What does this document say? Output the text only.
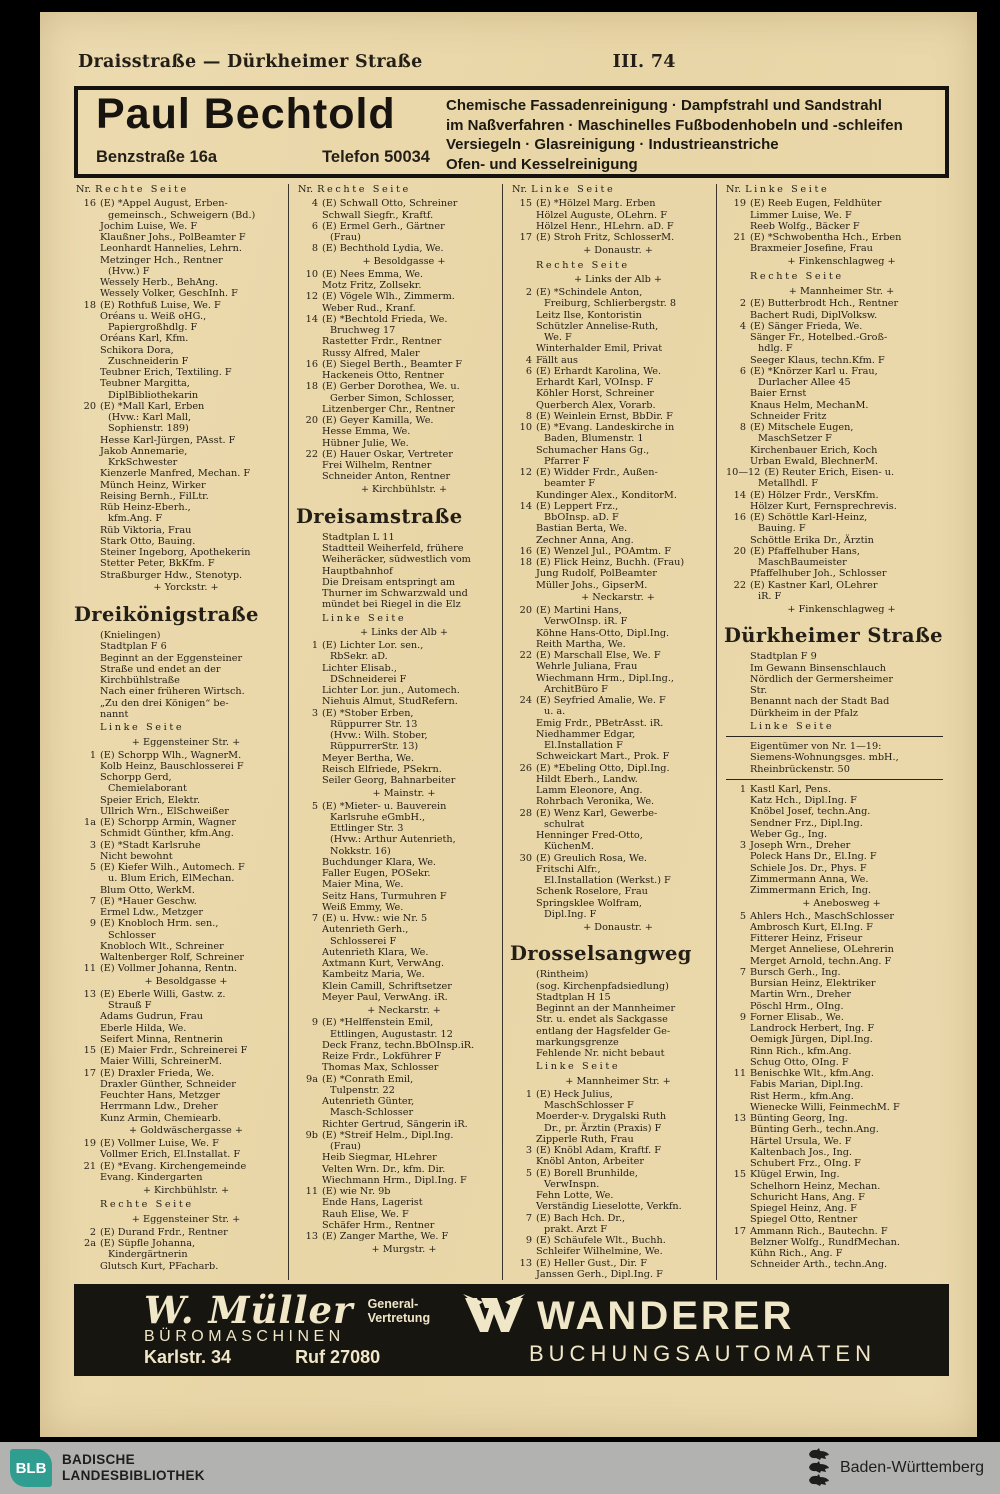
Draisstraße — Dürkheimer Straße	III. 74
Paul Bechtold
Benzstraße 16a	Telefon 50034
Chemische Fassadenreinigung · Dampfstrahl und Sandstrahl
im Naßverfahren · Maschinelles Fußbodenhobeln und -schleifen
Versiegeln · Glasreinigung · Industrieanstriche
Ofen- und Kesselreinigung
Nr. Rechte Seite
16 (E) *Appel August, Erben-
gemeinsch., Schweigern (Bd.)
Jochim Luise, We. F
Klaußner Johs., PolBeamter F
Leonhardt Hannelies, Lehrn.
Metzinger Hch., Rentner
(Hvw.) F
Wessely Herb., BehAng.
Wessely Volker, GeschInh. F
18 (E) Rothfuß Luise, We. F
Oréans u. Weiß oHG.,
Papiergroßhdlg. F
Oréans Karl, Kfm.
Schikora Dora,
Zuschneiderin F
Teubner Erich, Textiling. F
Teubner Margitta,
DiplBibliothekarin
20 (E) *Mall Karl, Erben
(Hvw.: Karl Mall,
Sophienstr. 189)
Hesse Karl-Jürgen, PAsst. F
Jakob Annemarie,
KrkSchwester
Kienzerle Manfred, Mechan. F
Münch Heinz, Wirker
Reising Bernh., FilLtr.
Rüb Heinz-Eberh.,
kfm.Ang. F
Rüb Viktoria, Frau
Stark Otto, Bauing.
Steiner Ingeborg, Apothekerin
Stetter Peter, BkKfm. F
Straßburger Hdw., Stenotyp.
+ Yorckstr. +
Dreikönigstraße
(Knielingen)
Stadtplan F 6
Beginnt an der Eggensteiner
Straße und endet an der
Kirchbühlstraße
Nach einer früheren Wirtsch.
„Zu den drei Königen“ be-
nannt
Linke Seite
+ Eggensteiner Str. +
1 (E) Schorpp Wlh., WagnerM.
Kolb Heinz, Bauschlosserei F
Schorpp Gerd,
Chemielaborant
Speier Erich, Elektr.
Ullrich Wrn., ElSchweißer
1a (E) Schorpp Armin, Wagner
Schmidt Günther, kfm.Ang.
3 (E) *Stadt Karlsruhe
Nicht bewohnt
5 (E) Kiefer Wilh., Automech. F
u. Blum Erich, ElMechan.
Blum Otto, WerkM.
7 (E) *Hauer Geschw.
Ermel Ldw., Metzger
9 (E) Knobloch Hrm. sen.,
Schlosser
Knobloch Wlt., Schreiner
Waltenberger Rolf, Schreiner
11 (E) Vollmer Johanna, Rentn.
+ Besoldgasse +
13 (E) Eberle Willi, Gastw. z.
Strauß F
Adams Gudrun, Frau
Eberle Hilda, We.
Seifert Minna, Rentnerin
15 (E) Maier Frdr., Schreinerei F
Maier Willi, SchreinerM.
17 (E) Draxler Frieda, We.
Draxler Günther, Schneider
Feuchter Hans, Metzger
Herrmann Ldw., Dreher
Kunz Armin, Chemiearb.
+ Goldwäschergasse +
19 (E) Vollmer Luise, We. F
Vollmer Erich, El.Installat. F
21 (E) *Evang. Kirchengemeinde
Evang. Kindergarten
+ Kirchbühlstr. +
Rechte Seite
+ Eggensteiner Str. +
2 (E) Durand Frdr., Rentner
2a (E) Süpfle Johanna,
Kindergärtnerin
Glutsch Kurt, PFacharb.
Nr. Rechte Seite
4 (E) Schwall Otto, Schreiner
Schwall Siegfr., Kraftf.
6 (E) Ermel Gerh., Gärtner
(Frau)
8 (E) Bechthold Lydia, We.
+ Besoldgasse +
10 (E) Nees Emma, We.
Motz Fritz, Zollsekr.
12 (E) Vögele Wlh., Zimmerm.
Weber Rud., Kranf.
14 (E) *Bechtold Frieda, We.
Bruchweg 17
Rastetter Frdr., Rentner
Russy Alfred, Maler
16 (E) Siegel Berth., Beamter F
Hackeneis Otto, Rentner
18 (E) Gerber Dorothea, We. u.
Gerber Simon, Schlosser,
Litzenberger Chr., Rentner
20 (E) Geyer Kamilla, We.
Hesse Emma, We.
Hübner Julie, We.
22 (E) Hauer Oskar, Vertreter
Frei Wilhelm, Rentner
Schneider Anton, Rentner
+ Kirchbühlstr. +
Dreisamstraße
Stadtplan L 11
Stadtteil Weiherfeld, frühere
Weiheräcker, südwestlich vom
Hauptbahnhof
Die Dreisam entspringt am
Thurner im Schwarzwald und
mündet bei Riegel in die Elz
Linke Seite
+ Links der Alb +
1 (E) Lichter Lor. sen.,
RbSekr. aD.
Lichter Elisab.,
DSchneiderei F
Lichter Lor. jun., Automech.
Niehuis Almut, StudRefern.
3 (E) *Stober Erben,
Rüppurrer Str. 13
(Hvw.: Wilh. Stober,
RüppurrerStr. 13)
Meyer Bertha, We.
Reisch Elfriede, PSekrn.
Seiler Georg, Bahnarbeiter
+ Mainstr. +
5 (E) *Mieter- u. Bauverein
Karlsruhe eGmbH.,
Ettlinger Str. 3
(Hvw.: Arthur Autenrieth,
Nokkstr. 16)
Buchdunger Klara, We.
Faller Eugen, POSekr.
Maier Mina, We.
Seitz Hans, Turmuhren F
Weiß Emmy, We.
7 (E) u. Hvw.: wie Nr. 5
Autenrieth Gerh.,
Schlosserei F
Autenrieth Klara, We.
Axtmann Kurt, VerwAng.
Kambeitz Maria, We.
Klein Camill, Schriftsetzer
Meyer Paul, VerwAng. iR.
+ Neckarstr. +
9 (E) *Helffenstein Emil,
Ettlingen, Augustastr. 12
Deck Franz, techn.BbOInsp.iR.
Reize Frdr., Lokführer F
Thomas Max, Schlosser
9a (E) *Conrath Emil,
Tulpenstr. 22
Autenrieth Günter,
Masch-Schlosser
Richter Gertrud, Sängerin iR.
9b (E) *Streif Helm., Dipl.Ing.
(Frau)
Heib Siegmar, HLehrer
Velten Wrn. Dr., kfm. Dir.
Wiechmann Hrm., Dipl.Ing. F
11 (E) wie Nr. 9b
Ende Hans, Lagerist
Rauh Elise, We. F
Schäfer Hrm., Rentner
13 (E) Zanger Marthe, We. F
+ Murgstr. +
Nr. Linke Seite
15 (E) *Hölzel Marg. Erben
Hölzel Auguste, OLehrn. F
Hölzel Henr., HLehrn. aD. F
17 (E) Stroh Fritz, SchlosserM.
+ Donaustr. +
Rechte Seite
+ Links der Alb +
2 (E) *Schindele Anton,
Freiburg, Schlierbergstr. 8
Leitz Ilse, Kontoristin
Schützler Annelise-Ruth,
We. F
Winterhalder Emil, Privat
4 Fällt aus
6 (E) Erhardt Karolina, We.
Erhardt Karl, VOInsp. F
Köhler Horst, Schreiner
Querberch Alex, Vorarb.
8 (E) Weinlein Ernst, BbDir. F
10 (E) *Evang. Landeskirche in
Baden, Blumenstr. 1
Schumacher Hans Gg.,
Pfarrer F
12 (E) Widder Frdr., Außen-
beamter F
Kundinger Alex., KonditorM.
14 (E) Leppert Frz.,
BbOInsp. aD. F
Bastian Berta, We.
Zechner Anna, Ang.
16 (E) Wenzel Jul., POAmtm. F
18 (E) Flick Heinz, Buchh. (Frau)
Jung Rudolf, PolBeamter
Müller Johs., GipserM.
+ Neckarstr. +
20 (E) Martini Hans,
VerwOInsp. iR. F
Köhne Hans-Otto, Dipl.Ing.
Reith Martha, We.
22 (E) Marschall Else, We. F
Wehrle Juliana, Frau
Wiechmann Hrm., Dipl.Ing.,
ArchitBüro F
24 (E) Seyfried Amalie, We. F
u. a.
Emig Frdr., PBetrAsst. iR.
Niedhammer Edgar,
El.Installation F
Schweickart Mart., Prok. F
26 (E) *Ebeling Otto, Dipl.Ing.
Hildt Eberh., Landw.
Lamm Eleonore, Ang.
Rohrbach Veronika, We.
28 (E) Wenz Karl, Gewerbe-
schulrat
Henninger Fred-Otto,
KüchenM.
30 (E) Greulich Rosa, We.
Fritschi Alfr.,
El.Installation (Werkst.) F
Schenk Roselore, Frau
Springsklee Wolfram,
Dipl.Ing. F
+ Donaustr. +
Drosselsangweg
(Rintheim)
(sog. Kirchenpfadsiedlung)
Stadtplan H 15
Beginnt an der Mannheimer
Str. u. endet als Sackgasse
entlang der Hagsfelder Ge-
markungsgrenze
Fehlende Nr. nicht bebaut
Linke Seite
+ Mannheimer Str. +
1 (E) Heck Julius,
MaschSchlosser F
Moerder-v. Drygalski Ruth
Dr., pr. Ärztin (Praxis) F
Zipperle Ruth, Frau
3 (E) Knöbl Adam, Kraftf. F
Knöbl Anton, Arbeiter
5 (E) Borell Brunhilde,
VerwInspn.
Fehn Lotte, We.
Verständig Lieselotte, Verkfn.
7 (E) Bach Hch. Dr.,
prakt. Arzt F
9 (E) Schäufele Wlt., Buchh.
Schleifer Wilhelmine, We.
13 (E) Heller Gust., Dir. F
Janssen Gerh., Dipl.Ing. F
Nr. Linke Seite
19 (E) Reeb Eugen, Feldhüter
Limmer Luise, We. F
Reeb Wolfg., Bäcker F
21 (E) *Schwobentha Hch., Erben
Braxmeier Josefine, Frau
+ Finkenschlagweg +
Rechte Seite
+ Mannheimer Str. +
2 (E) Butterbrodt Hch., Rentner
Bachert Rudi, DiplVolksw.
4 (E) Sänger Frieda, We.
Sänger Fr., Hotelbed.-Groß-
hdlg. F
Seeger Klaus, techn.Kfm. F
6 (E) *Knörzer Karl u. Frau,
Durlacher Allee 45
Baier Ernst
Knaus Helm, MechanM.
Schneider Fritz
8 (E) Mitschele Eugen,
MaschSetzer F
Kirchenbauer Erich, Koch
Urban Ewald, BlechnerM.
10—12 (E) Reuter Erich, Eisen- u.
Metallhdl. F
14 (E) Hölzer Frdr., VersKfm.
Hölzer Kurt, Fernsprechrevis.
16 (E) Schöttle Karl-Heinz,
Bauing. F
Schöttle Erika Dr., Ärztin
20 (E) Pfaffelhuber Hans,
MaschBaumeister
Pfaffelhuber Joh., Schlosser
22 (E) Kastner Karl, OLehrer
iR. F
+ Finkenschlagweg +
Dürkheimer Straße
Stadtplan F 9
Im Gewann Binsenschlauch
Nördlich der Germersheimer
Str.
Benannt nach der Stadt Bad
Dürkheim in der Pfalz
Linke Seite
Eigentümer von Nr. 1—19:
Siemens-Wohnungsges. mbH.,
Rheinbrückenstr. 50
1 Kastl Karl, Pens.
Katz Hch., Dipl.Ing. F
Knöbel Josef, techn.Ang.
Sendner Frz., Dipl.Ing.
Weber Gg., Ing.
3 Joseph Wrn., Dreher
Poleck Hans Dr., El.Ing. F
Schiele Jos. Dr., Phys. F
Zimmermann Anna, We.
Zimmermann Erich, Ing.
+ Anebosweg +
5 Ahlers Hch., MaschSchlosser
Ambrosch Kurt, El.Ing. F
Fitterer Heinz, Friseur
Merget Anneliese, OLehrerin
Merget Arnold, techn.Ang. F
7 Bursch Gerh., Ing.
Bursian Heinz, Elektriker
Martin Wrn., Dreher
Pöschl Hrm., OIng.
9 Forner Elisab., We.
Landrock Herbert, Ing. F
Oemigk Jürgen, Dipl.Ing.
Rinn Rich., kfm.Ang.
Schug Otto, OIng. F
11 Benischke Wlt., kfm.Ang.
Fabis Marian, Dipl.Ing.
Rist Herm., kfm.Ang.
Wienecke Willi, FeinmechM. F
13 Bünting Georg, Ing.
Bünting Gerh., techn.Ang.
Härtel Ursula, We. F
Kaltenbach Jos., Ing.
Schubert Frz., OIng. F
15 Klügel Erwin, Ing.
Schelhorn Heinz, Mechan.
Schuricht Hans, Ang. F
Spiegel Heinz, Ang. F
Spiegel Otto, Rentner
17 Ammann Rich., Bautechn. F
Belzner Wolfg., RundfMechan.
Kühn Rich., Ang. F
Schneider Arth., techn.Ang.
W. Müller General-
Vertretung
BÜROMASCHINEN
Karlstr. 34	Ruf 27080
WANDERER
BUCHUNGSAUTOMATEN
BLB	BADISCHE
LANDESBIBLIOTHEK	Baden-Württemberg
